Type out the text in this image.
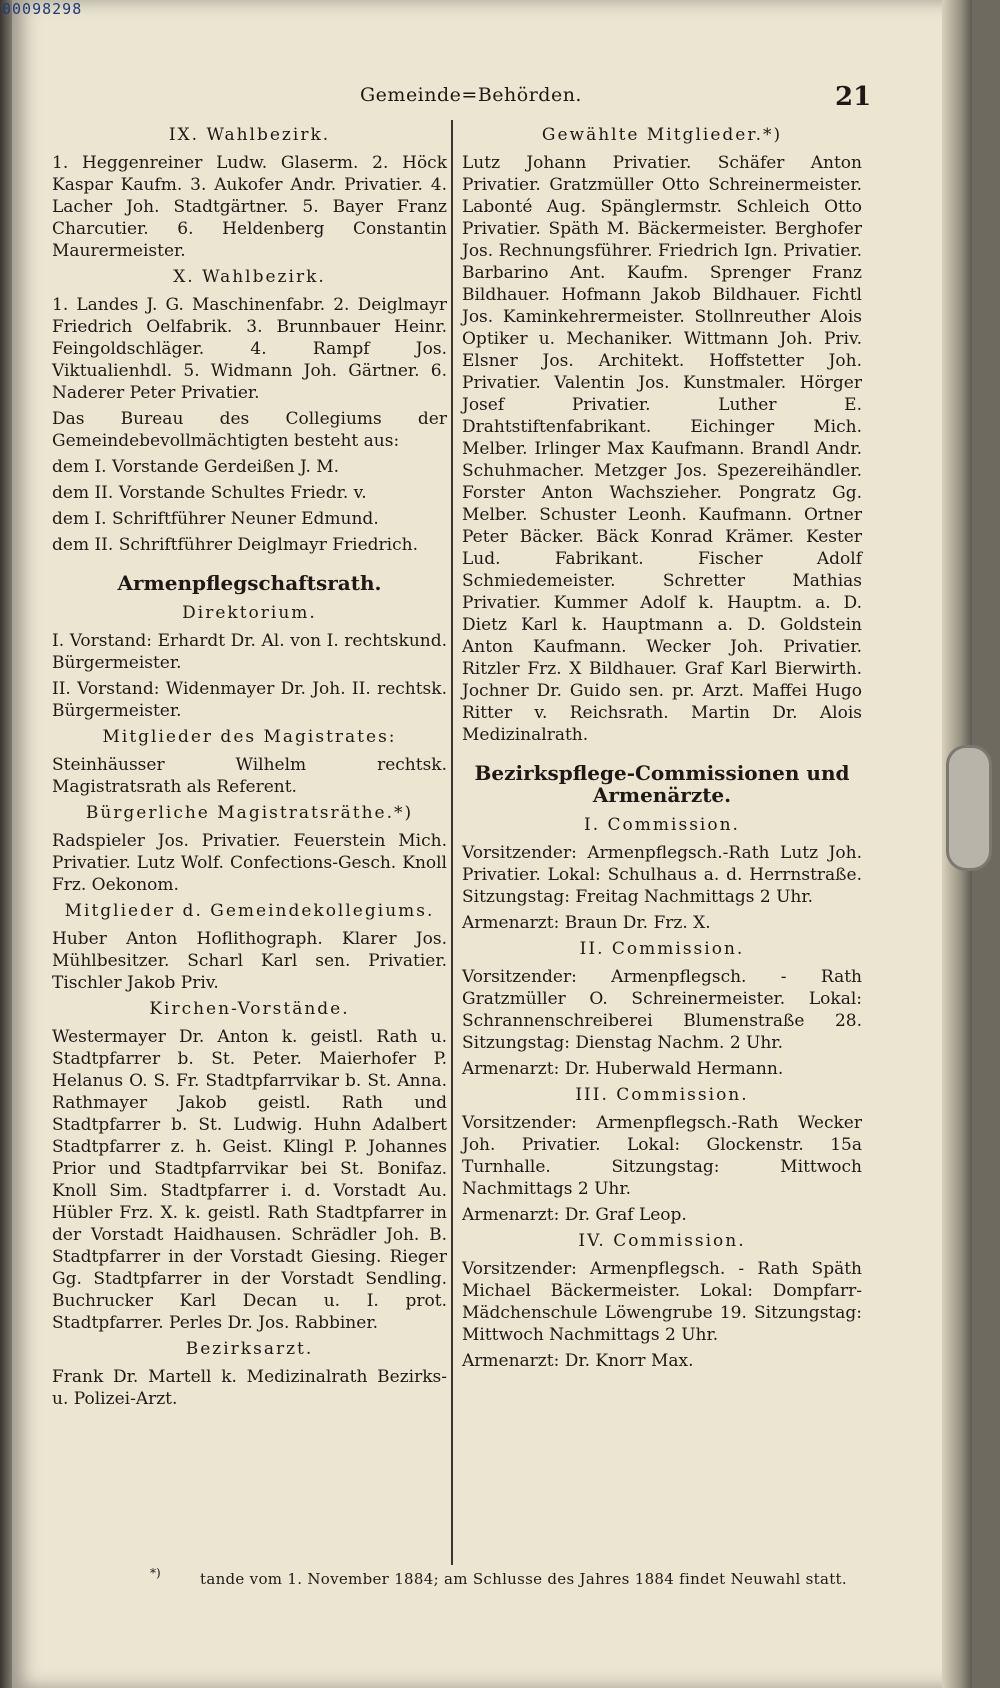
00098298
Gemeinde=Behörden.	21
IX. Wahlbezirk.

1. Heggenreiner Ludw. Glaserm. 2. Höck Kaspar Kaufm. 3. Aukofer Andr. Privatier. 4. Lacher Joh. Stadtgärtner. 5. Bayer Franz Charcutier. 6. Heldenberg Constantin Maurermeister.

X. Wahlbezirk.

1. Landes J. G. Maschinenfabr. 2. Deiglmayr Friedrich Oelfabrik. 3. Brunnbauer Heinr. Feingoldschläger. 4. Rampf Jos. Viktualienhdl. 5. Widmann Joh. Gärtner. 6. Naderer Peter Privatier.

Das Bureau des Collegiums der Gemeindebevollmächtigten besteht aus:

dem I. Vorstande Gerdeißen J. M.
dem II. Vorstande Schultes Friedr. v.
dem I. Schriftführer Neuner Edmund.
dem II. Schriftführer Deiglmayr Friedrich.
Armenpflegschaftsrath.
Direktorium.

I. Vorstand: Erhardt Dr. Al. von I. rechtskund. Bürgermeister.

II. Vorstand: Widenmayer Dr. Joh. II. rechtsk. Bürgermeister.

Mitglieder des Magistrates:

Steinhäusser Wilhelm rechtsk. Magistratsrath als Referent.

Bürgerliche Magistratsräthe.*)

Radspieler Jos. Privatier. Feuerstein Mich. Privatier. Lutz Wolf. Confections-Gesch. Knoll Frz. Oekonom.

Mitglieder d. Gemeindekollegiums.

Huber Anton Hoflithograph. Klarer Jos. Mühlbesitzer. Scharl Karl sen. Privatier. Tischler Jakob Priv.

Kirchen-Vorstände.

Westermayer Dr. Anton k. geistl. Rath u. Stadtpfarrer b. St. Peter. Maierhofer P. Helanus O. S. Fr. Stadtpfarrvikar b. St. Anna. Rathmayer Jakob geistl. Rath und Stadtpfarrer b. St. Ludwig. Huhn Adalbert Stadtpfarrer z. h. Geist. Klingl P. Johannes Prior und Stadtpfarrvikar bei St. Bonifaz. Knoll Sim. Stadtpfarrer i. d. Vorstadt Au. Hübler Frz. X. k. geistl. Rath Stadtpfarrer in der Vorstadt Haidhausen. Schrädler Joh. B. Stadtpfarrer in der Vorstadt Giesing. Rieger Gg. Stadtpfarrer in der Vorstadt Sendling. Buchrucker Karl Decan u. I. prot. Stadtpfarrer. Perles Dr. Jos. Rabbiner.

Bezirksarzt.

Frank Dr. Martell k. Medizinalrath Bezirks- u. Polizei-Arzt.

Gewählte Mitglieder.*)

Lutz Johann Privatier. Schäfer Anton Privatier. Gratzmüller Otto Schreinermeister. Labonté Aug. Spänglermstr. Schleich Otto Privatier. Späth M. Bäckermeister. Berghofer Jos. Rechnungsführer. Friedrich Ign. Privatier. Barbarino Ant. Kaufm. Sprenger Franz Bildhauer. Hofmann Jakob Bildhauer. Fichtl Jos. Kaminkehrermeister. Stollnreuther Alois Optiker u. Mechaniker. Wittmann Joh. Priv. Elsner Jos. Architekt. Hoffstetter Joh. Privatier. Valentin Jos. Kunstmaler. Hörger Josef Privatier. Luther E. Drahtstiftenfabrikant. Eichinger Mich. Melber. Irlinger Max Kaufmann. Brandl Andr. Schuhmacher. Metzger Jos. Spezereihändler. Forster Anton Wachszieher. Pongratz Gg. Melber. Schuster Leonh. Kaufmann. Ortner Peter Bäcker. Bäck Konrad Krämer. Kester Lud. Fabrikant. Fischer Adolf Schmiedemeister. Schretter Mathias Privatier. Kummer Adolf k. Hauptm. a. D. Dietz Karl k. Hauptmann a. D. Goldstein Anton Kaufmann. Wecker Joh. Privatier. Ritzler Frz. X Bildhauer. Graf Karl Bierwirth. Jochner Dr. Guido sen. pr. Arzt. Maffei Hugo Ritter v. Reichsrath. Martin Dr. Alois Medizinalrath.

Bezirkspflege-Commissionen und Armenärzte.
I. Commission.

Vorsitzender: Armenpflegsch.-Rath Lutz Joh. Privatier. Lokal: Schulhaus a. d. Herrnstraße. Sitzungstag: Freitag Nachmittags 2 Uhr.

Armenarzt: Braun Dr. Frz. X.

II. Commission.

Vorsitzender: Armenpflegsch. - Rath Gratzmüller O. Schreinermeister. Lokal: Schrannenschreiberei Blumenstraße 28. Sitzungstag: Dienstag Nachm. 2 Uhr.

Armenarzt: Dr. Huberwald Hermann.

III. Commission.

Vorsitzender: Armenpflegsch.-Rath Wecker Joh. Privatier. Lokal: Glockenstr. 15a Turnhalle. Sitzungstag: Mittwoch Nachmittags 2 Uhr.

Armenarzt: Dr. Graf Leop.

IV. Commission.

Vorsitzender: Armenpflegsch. - Rath Späth Michael Bäckermeister. Lokal: Dompfarr-Mädchenschule Löwengrube 19. Sitzungstag: Mittwoch Nachmittags 2 Uhr.

Armenarzt: Dr. Knorr Max.

*)	tande vom 1. November 1884; am Schlusse des Jahres 1884 findet Neuwahl statt.
